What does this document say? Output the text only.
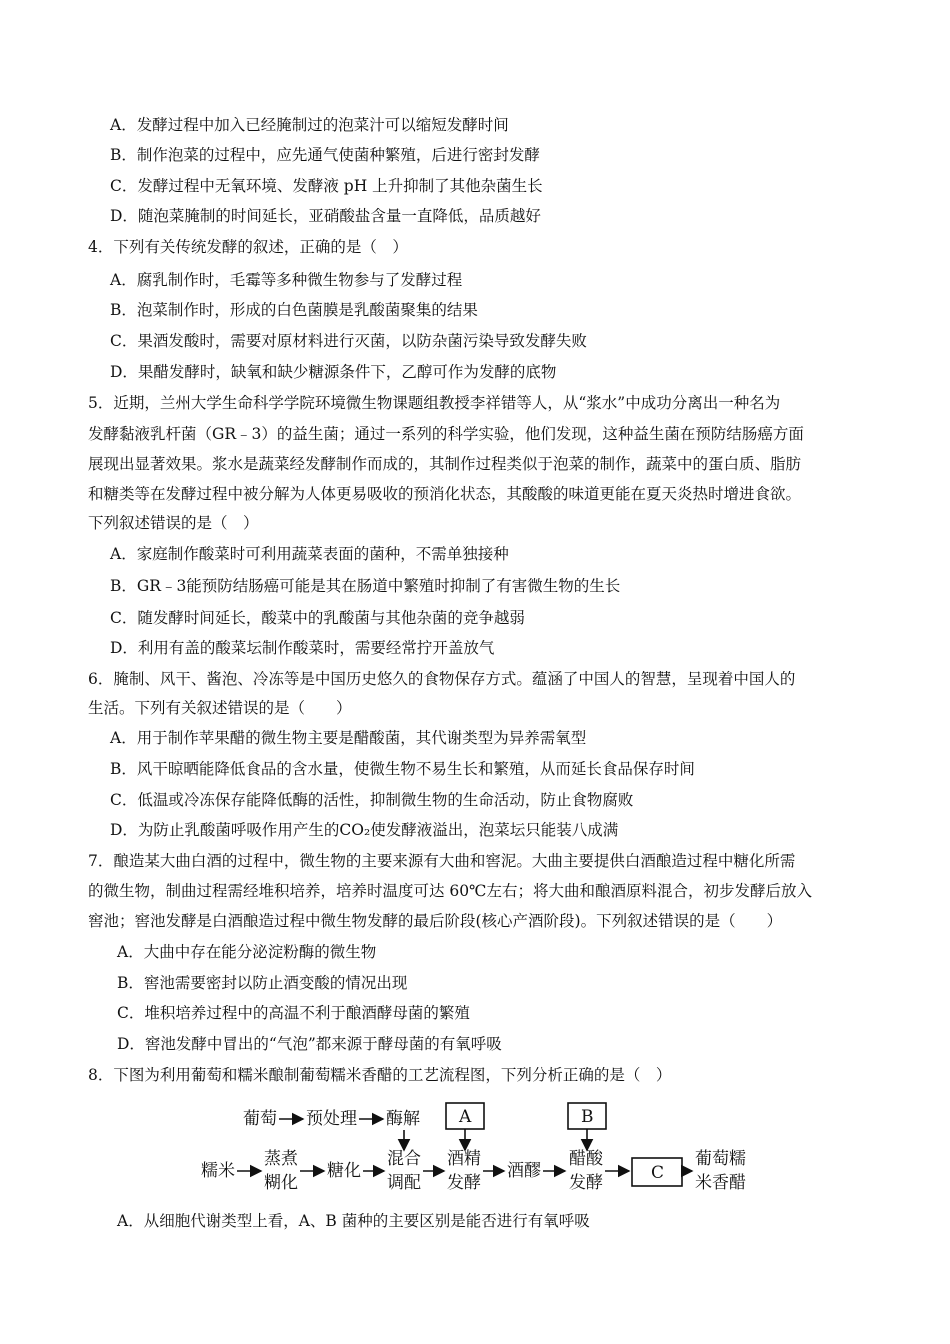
A．发酵过程中加入已经腌制过的泡菜汁可以缩短发酵时间
B．制作泡菜的过程中，应先通气使菌种繁殖，后进行密封发酵
C．发酵过程中无氧环境、发酵液 pH 上升抑制了其他杂菌生长
D．随泡菜腌制的时间延长，亚硝酸盐含量一直降低，品质越好
4．下列有关传统发酵的叙述，正确的是（　）
A．腐乳制作时，毛霉等多种微生物参与了发酵过程
B．泡菜制作时，形成的白色菌膜是乳酸菌聚集的结果
C．果酒发酸时，需要对原材料进行灭菌，以防杂菌污染导致发酵失败
D．果醋发酵时，缺氧和缺少糖源条件下，乙醇可作为发酵的底物
5．近期，兰州大学生命科学学院环境微生物课题组教授李祥错等人，从“浆水”中成功分离出一种名为
发酵黏液乳杆菌（GR﹣3）的益生菌；通过一系列的科学实验，他们发现，这种益生菌在预防结肠癌方面
展现出显著效果。浆水是蔬菜经发酵制作而成的，其制作过程类似于泡菜的制作，蔬菜中的蛋白质、脂肪
和糖类等在发酵过程中被分解为人体更易吸收的预消化状态，其酸酸的味道更能在夏天炎热时增进食欲。
下列叙述错误的是（　）
A．家庭制作酸菜时可利用蔬菜表面的菌种，不需单独接种
B．GR﹣3能预防结肠癌可能是其在肠道中繁殖时抑制了有害微生物的生长
C．随发酵时间延长，酸菜中的乳酸菌与其他杂菌的竞争越弱
D．利用有盖的酸菜坛制作酸菜时，需要经常拧开盖放气
6．腌制、风干、酱泡、冷冻等是中国历史悠久的食物保存方式。蕴涵了中国人的智慧，呈现着中国人的
生活。下列有关叙述错误的是（　　）
A．用于制作苹果醋的微生物主要是醋酸菌，其代谢类型为异养需氧型
B．风干晾晒能降低食品的含水量，使微生物不易生长和繁殖，从而延长食品保存时间
C．低温或冷冻保存能降低酶的活性，抑制微生物的生命活动，防止食物腐败
D．为防止乳酸菌呼吸作用产生的CO₂使发酵液溢出，泡菜坛只能装八成满
7．酿造某大曲白酒的过程中，微生物的主要来源有大曲和窖泥。大曲主要提供白酒酿造过程中糖化所需
的微生物，制曲过程需经堆积培养，培养时温度可达 60℃左右；将大曲和酿酒原料混合，初步发酵后放入
窖池；窖池发酵是白酒酿造过程中微生物发酵的最后阶段(核心产酒阶段)。下列叙述错误的是（　　）
A．大曲中存在能分泌淀粉酶的微生物
B．窖池需要密封以防止酒变酸的情况出现
C．堆积培养过程中的高温不利于酿酒酵母菌的繁殖
D．窖池发酵中冒出的“气泡”都来源于酵母菌的有氧呼吸
8．下图为利用葡萄和糯米酿制葡萄糯米香醋的工艺流程图，下列分析正确的是（　）
葡萄 预处理 酶解 A	B
糯米
蒸煮
糊化
糖化
混合
调配
酒精
发酵
酒醪
醋酸
发酵	C
葡萄糯
米香醋
A．从细胞代谢类型上看，A、B 菌种的主要区别是能否进行有氧呼吸
